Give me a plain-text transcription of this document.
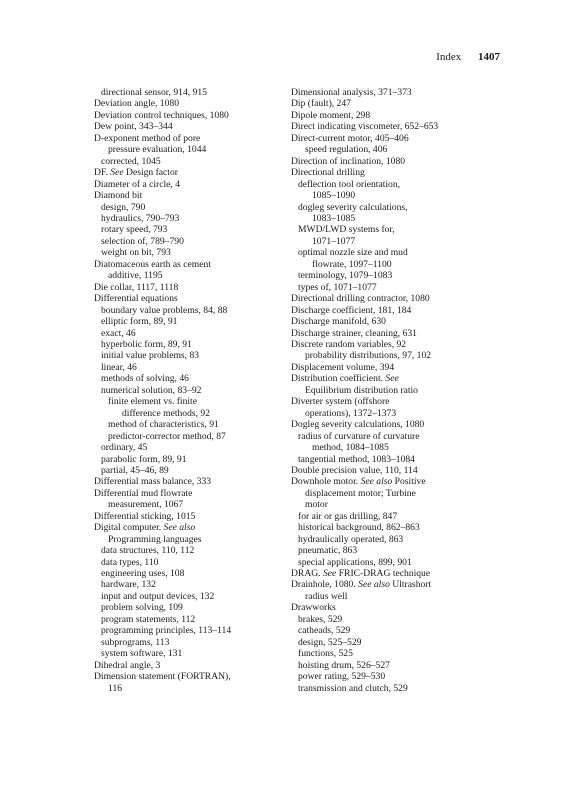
Index 1407
directional sensor, 914, 915
Deviation angle, 1080
Deviation control techniques, 1080
Dew point, 343–344
D-exponent method of pore
pressure evaluation, 1044
corrected, 1045
DF. See Design factor
Diameter of a circle, 4
Diamond bit
design, 790
hydraulics, 790–793
rotary speed, 793
selection of, 789–790
weight on bit, 793
Diatomaceous earth as cement
additive, 1195
Die collar, 1117, 1118
Differential equations
boundary value problems, 84, 88
elliptic form, 89, 91
exact, 46
hyperbolic form, 89, 91
initial value problems, 83
linear, 46
methods of solving, 46
numerical solution, 83–92
finite element vs. finite
difference methods, 92
method of characteristics, 91
predictor-corrector method, 87
ordinary, 45
parabolic form, 89, 91
partial, 45–46, 89
Differential mass balance, 333
Differential mud flowrate
measurement, 1067
Differential sticking, 1015
Digital computer. See also
Programming languages
data structures, 110, 112
data types, 110
engineering uses, 108
hardware, 132
input and output devices, 132
problem solving, 109
program statements, 112
programming principles, 113–114
subprograms, 113
system software, 131
Dihedral angle, 3
Dimension statement (FORTRAN),
116
Dimensional analysis, 371–373
Dip (fault), 247
Dipole moment, 298
Direct indicating viscometer, 652–653
Direct-current motor, 405–406
speed regulation, 406
Direction of inclination, 1080
Directional drilling
deflection tool orientation,
1085–1090
dogleg severity calculations,
1083–1085
MWD/LWD systems for,
1071–1077
optimal nozzle size and mud
flowrate, 1097–1100
terminology, 1079–1083
types of, 1071–1077
Directional drilling contractor, 1080
Discharge coefficient, 181, 184
Discharge manifold, 630
Discharge strainer, cleaning, 631
Discrete random variables, 92
probability distributions, 97, 102
Displacement volume, 394
Distribution coefficient. See
Equilibrium distribution ratio
Diverter system (offshore
operations), 1372–1373
Dogleg severity calculations, 1080
radius of curvature of curvature
method, 1084–1085
tangential method, 1083–1084
Double precision value, 110, 114
Downhole motor. See also Positive
displacement motor; Turbine
motor
for air or gas drilling, 847
historical background, 862–863
hydraulically operated, 863
pneumatic, 863
special applications, 899, 901
DRAG. See FRIC-DRAG technique
Drainhole, 1080. See also Ultrashort
radius well
Drawworks
brakes, 529
catheads, 529
design, 525–529
functions, 525
hoisting drum, 526–527
power rating, 529–530
transmission and clutch, 529
